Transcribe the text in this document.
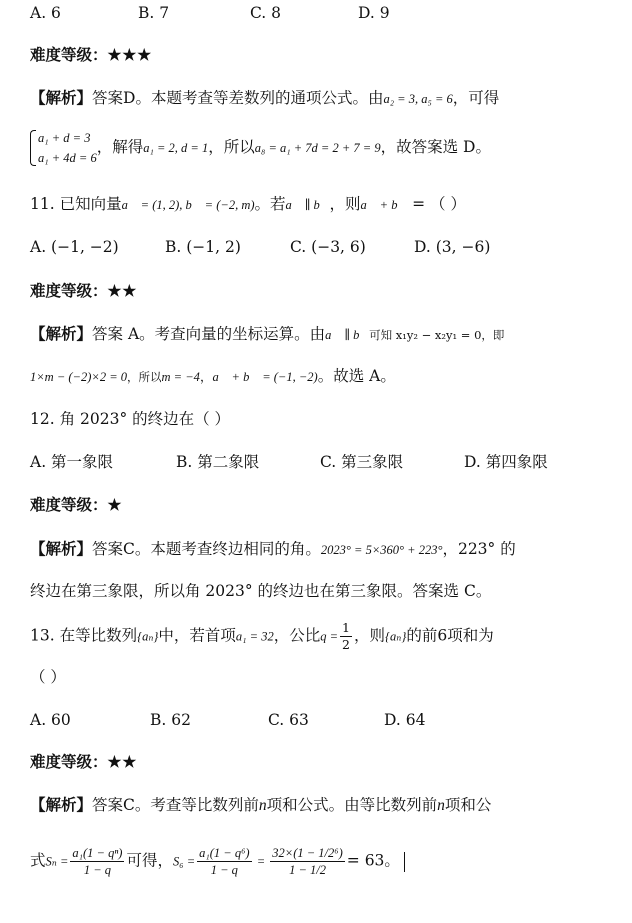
A. 6	B. 7	C. 8	D. 9
难度等级：★★★
【解析】答案D。本题考查等差数列的通项公式。由a₂ = 3, a₅ = 6，可得
a₁ + d = 3
a₁ + 4d = 6
，解得a₁ = 2, d = 1，所以a₈ = a₁ + 7d = 2 + 7 = 9，故答案选 D。
11. 已知向量a⃗ = (1, 2), b⃗ = (−2, m)。若a⃗ ∥ b⃗，则a⃗ + b⃗ = （ ）
A. (−1, −2)	B. (−1, 2)	C. (−3, 6)	D. (3, −6)
难度等级：★★
【解析】答案 A。考查向量的坐标运算。由a⃗ ∥ b⃗可知 x₁y₂ − x₂y₁ = 0，即
1×m − (−2)×2 = 0，所以m = −4，a⃗ + b⃗ = (−1, −2)。故选 A。
12. 角 2023° 的终边在（ ）
A. 第一象限	B. 第二象限	C. 第三象限	D. 第四象限
难度等级：★
【解析】答案C。本题考查终边相同的角。2023° = 5×360° + 223°，223° 的
终边在第三象限，所以角 2023° 的终边也在第三象限。答案选 C。
13. 在等比数列{aₙ}中，若首项a₁ = 32，公比$q = \frac{1}{2}$ ，则{aₙ}的前6项和为
（ ）
A. 60	B. 62	C. 63	D. 64
难度等级：★★
【解析】答案C。考查等比数列前n项和公式。由等比数列前n项和公
式$S_n = \frac{\text{a₁(1 − qⁿ)}}{1 - q}$ 可得，$S_6 = \frac{\text{a₁(1 − q⁶)}}{1 - q} = \frac{\text{32×(1 − 1/2⁶)}}{1 - 1/2} = 63$。
